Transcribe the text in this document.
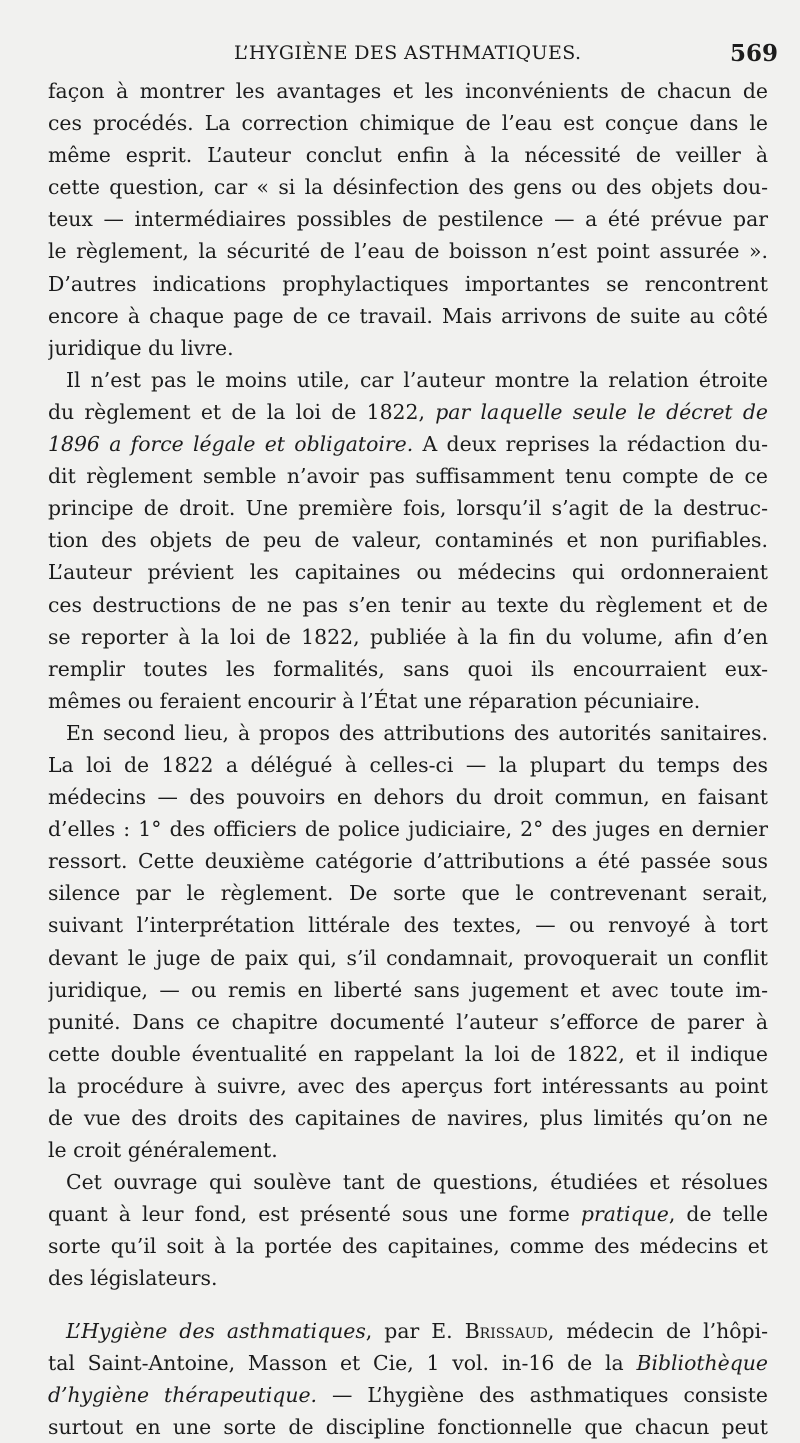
L’HYGIÈNE DES ASTHMATIQUES.	569
façon à montrer les avantages et les inconvénients de chacun de
ces procédés. La correction chimique de l’eau est conçue dans le
même esprit. L’auteur conclut enfin à la nécessité de veiller à
cette question, car « si la désinfection des gens ou des objets dou-
teux — intermédiaires possibles de pestilence — a été prévue par
le règlement, la sécurité de l’eau de boisson n’est point assurée ».
D’autres indications prophylactiques importantes se rencontrent
encore à chaque page de ce travail. Mais arrivons de suite au côté
juridique du livre.
Il n’est pas le moins utile, car l’auteur montre la relation étroite
du règlement et de la loi de 1822, par laquelle seule le décret de
1896 a force légale et obligatoire. A deux reprises la rédaction du-
dit règlement semble n’avoir pas suffisamment tenu compte de ce
principe de droit. Une première fois, lorsqu’il s’agit de la destruc-
tion des objets de peu de valeur, contaminés et non purifiables.
L’auteur prévient les capitaines ou médecins qui ordonneraient
ces destructions de ne pas s’en tenir au texte du règlement et de
se reporter à la loi de 1822, publiée à la fin du volume, afin d’en
remplir toutes les formalités, sans quoi ils encourraient eux-
mêmes ou feraient encourir à l’État une réparation pécuniaire.
En second lieu, à propos des attributions des autorités sanitaires.
La loi de 1822 a délégué à celles-ci — la plupart du temps des
médecins — des pouvoirs en dehors du droit commun, en faisant
d’elles : 1° des officiers de police judiciaire, 2° des juges en dernier
ressort. Cette deuxième catégorie d’attributions a été passée sous
silence par le règlement. De sorte que le contrevenant serait,
suivant l’interprétation littérale des textes, — ou renvoyé à tort
devant le juge de paix qui, s’il condamnait, provoquerait un conflit
juridique, — ou remis en liberté sans jugement et avec toute im-
punité. Dans ce chapitre documenté l’auteur s’efforce de parer à
cette double éventualité en rappelant la loi de 1822, et il indique
la procédure à suivre, avec des aperçus fort intéressants au point
de vue des droits des capitaines de navires, plus limités qu’on ne
le croit généralement.
Cet ouvrage qui soulève tant de questions, étudiées et résolues
quant à leur fond, est présenté sous une forme pratique, de telle
sorte qu’il soit à la portée des capitaines, comme des médecins et
des législateurs.
L’Hygiène des asthmatiques, par E. Brissaud, médecin de l’hôpi-
tal Saint-Antoine, Masson et Cie, 1 vol. in-16 de la Bibliothèque
d’hygiène thérapeutique. — L’hygiène des asthmatiques consiste
surtout en une sorte de discipline fonctionnelle que chacun peut
